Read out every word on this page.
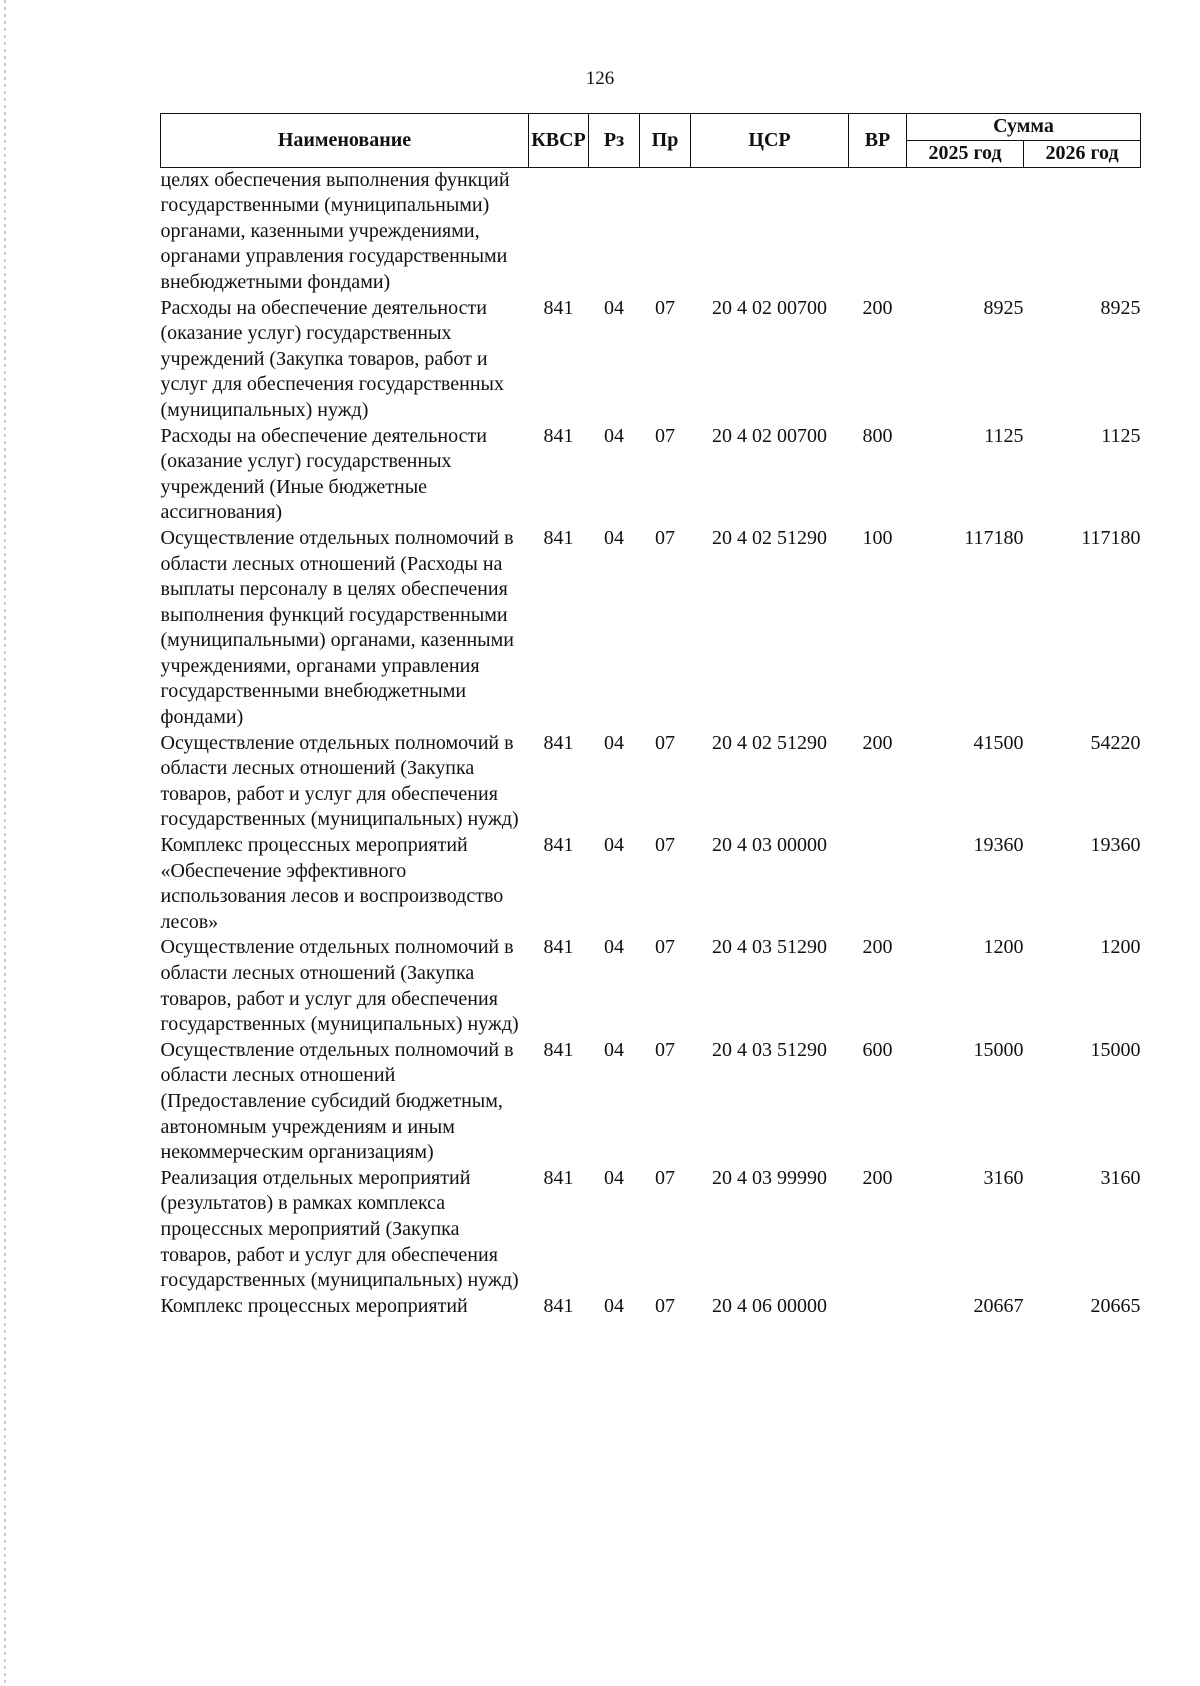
126
Наименование	КВСР	Рз	Пр	ЦСР	ВР	Сумма	
						2025 год	2026 год
целях обеспечения выполнения функций государственными (муниципальными) органами, казенными учреждениями, органами управления государственными внебюджетными фондами)							
Расходы на обеспечение деятельности (оказание услуг) государственных учреждений (Закупка товаров, работ и услуг для обеспечения государственных (муниципальных) нужд)	841	04	07	20 4 02 00700	200	8925	8925
Расходы на обеспечение деятельности (оказание услуг) государственных учреждений (Иные бюджетные ассигнования)	841	04	07	20 4 02 00700	800	1125	1125
Осуществление отдельных полномочий в области лесных отношений (Расходы на выплаты персоналу в целях обеспечения выполнения функций государственными (муниципальными) органами, казенными учреждениями, органами управления государственными внебюджетными фондами)	841	04	07	20 4 02 51290	100	117180	117180
Осуществление отдельных полномочий в области лесных отношений (Закупка товаров, работ и услуг для обеспечения государственных (муниципальных) нужд)	841	04	07	20 4 02 51290	200	41500	54220
Комплекс процессных мероприятий «Обеспечение эффективного использования лесов и воспроизводство лесов»	841	04	07	20 4 03 00000		19360	19360
Осуществление отдельных полномочий в области лесных отношений (Закупка товаров, работ и услуг для обеспечения государственных (муниципальных) нужд)	841	04	07	20 4 03 51290	200	1200	1200
Осуществление отдельных полномочий в области лесных отношений (Предоставление субсидий бюджетным, автономным учреждениям и иным некоммерческим организациям)	841	04	07	20 4 03 51290	600	15000	15000
Реализация отдельных мероприятий (результатов) в рамках комплекса процессных мероприятий (Закупка товаров, работ и услуг для обеспечения государственных (муниципальных) нужд)	841	04	07	20 4 03 99990	200	3160	3160
Комплекс процессных мероприятий	841	04	07	20 4 06 00000		20667	20665
